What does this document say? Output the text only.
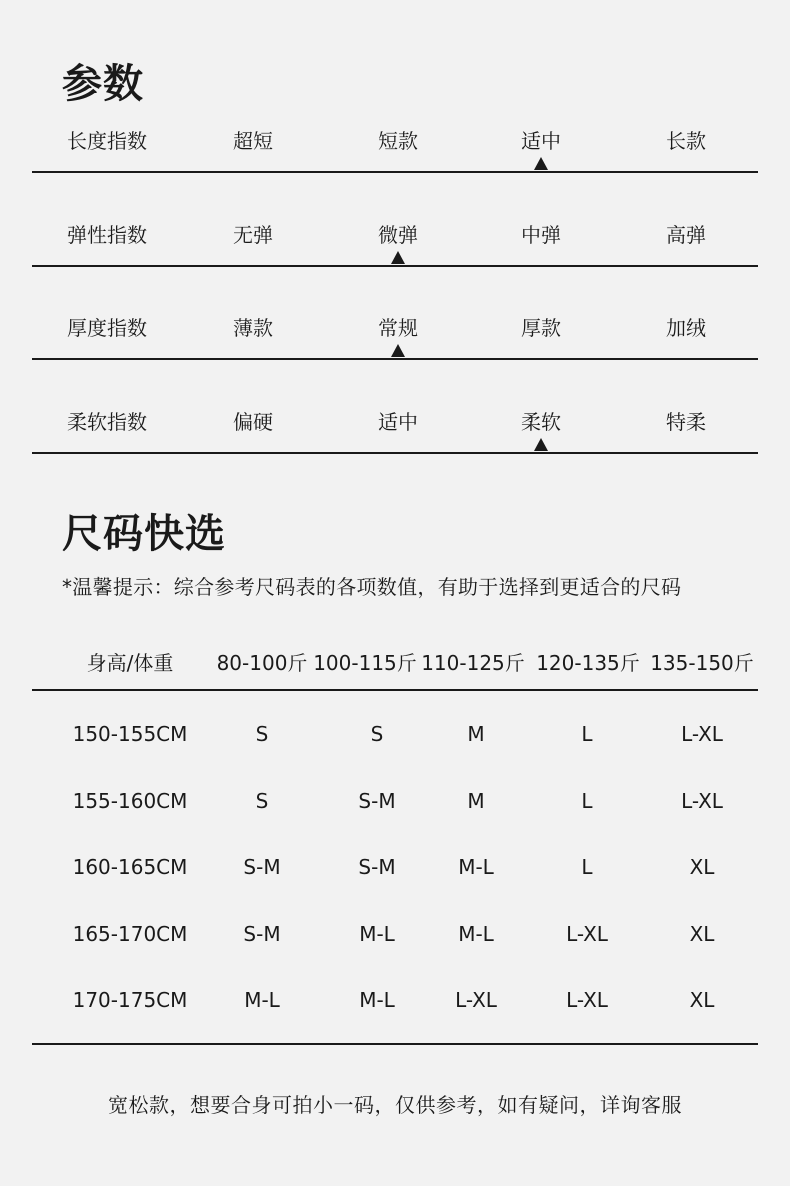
参数
长度指数	超短	短款	适中	长款
弹性指数	无弹	微弹	中弹	高弹
厚度指数	薄款	常规	厚款	加绒
柔软指数	偏硬	适中	柔软	特柔
尺码快选
*温馨提示：综合参考尺码表的各项数值，有助于选择到更适合的尺码
身高/体重 80-100斤 100-115斤 110-125斤 120-135斤 135-150斤
150-155CM	S	S	M	L	L-XL
155-160CM	S	S-M	M	L	L-XL
160-165CM	S-M	S-M	M-L	L	XL
165-170CM	S-M	M-L	M-L	L-XL	XL
170-175CM	M-L	M-L	L-XL	L-XL	XL
宽松款，想要合身可拍小一码，仅供参考，如有疑问，详询客服
